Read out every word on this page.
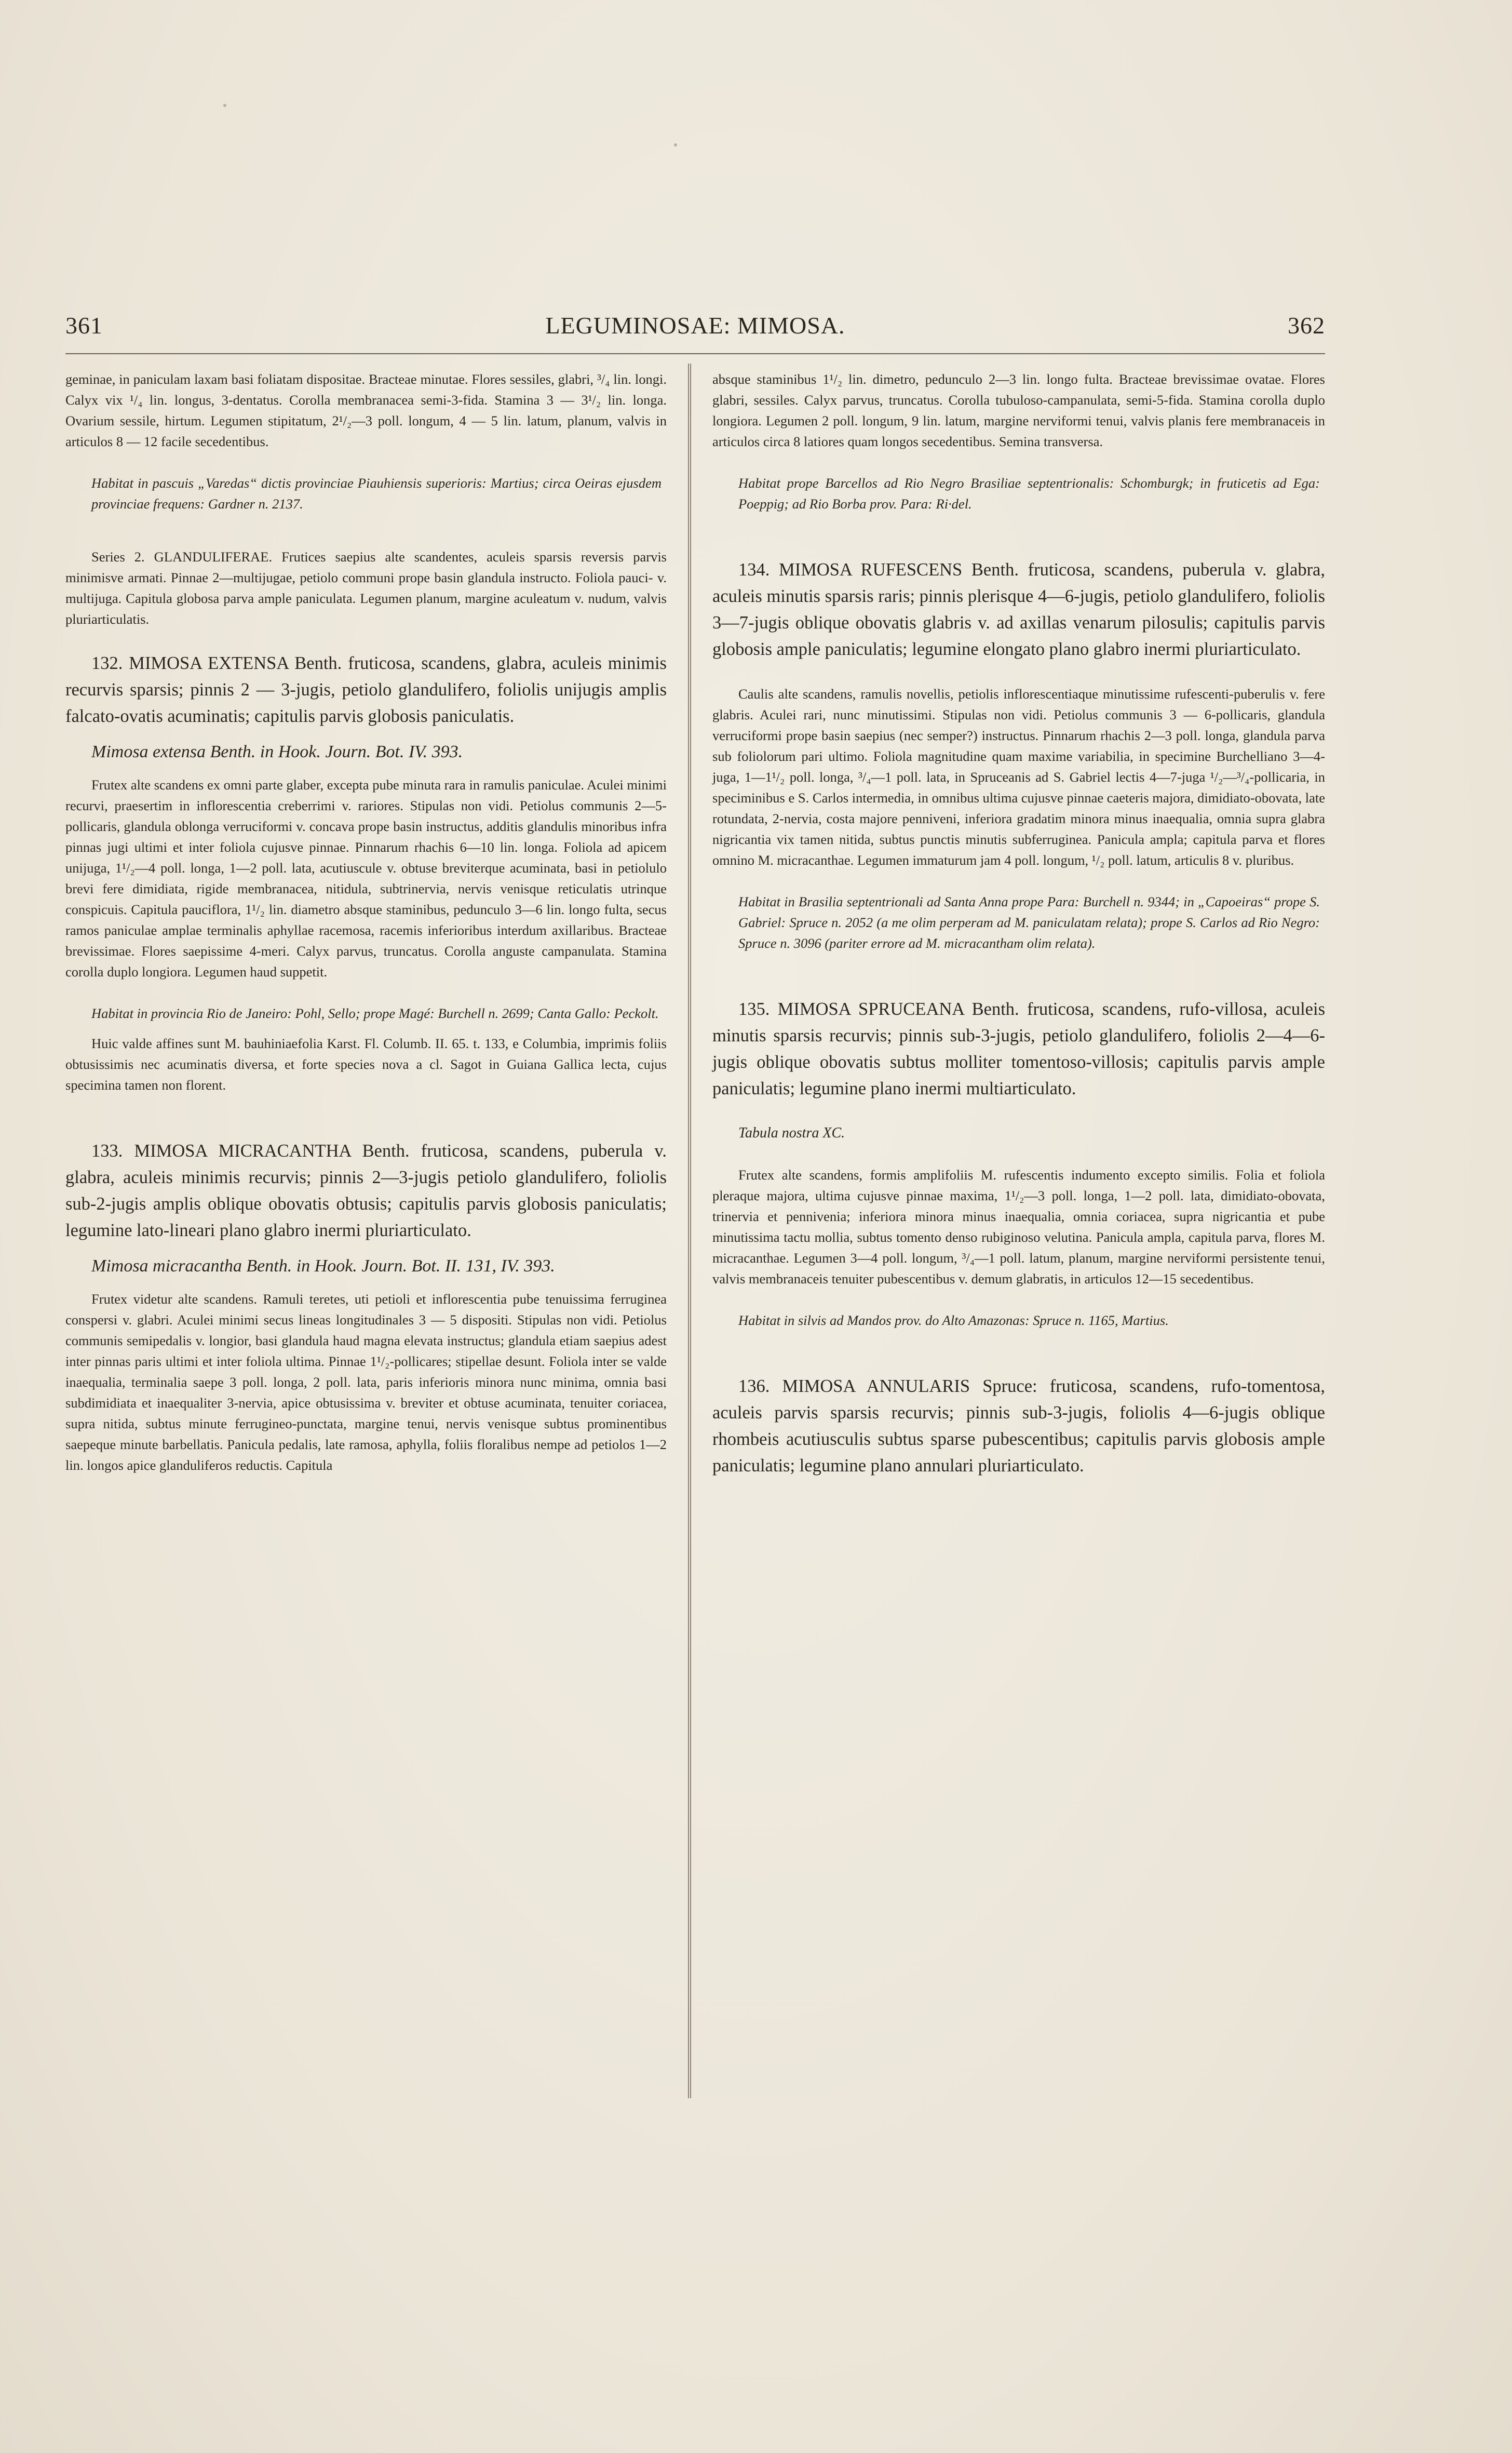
361	LEGUMINOSAE: MIMOSA.	362

geminae, in paniculam laxam basi foliatam dispositae. Bracteae minutae. Flores sessiles, glabri, ³/₄ lin. longi. Calyx vix ¹/₄ lin. longus, 3-dentatus. Corolla membranacea semi-3-fida. Stamina 3 — 3¹/₂ lin. longa. Ovarium sessile, hirtum. Legumen stipitatum, 2¹/₂—3 poll. longum, 4 — 5 lin. latum, planum, valvis in articulos 8 — 12 facile secedentibus.

Habitat in pascuis „Varedas“ dictis provinciae Piauhiensis superioris: Martius; circa Oeiras ejusdem provinciae frequens: Gardner n. 2137.

Series 2. GLANDULIFERAE. Frutices saepius alte scandentes, aculeis sparsis reversis parvis minimisve armati. Pinnae 2—multijugae, petiolo communi prope basin glandula instructo. Foliola pauci- v. multijuga. Capitula globosa parva ample paniculata. Legumen planum, margine aculeatum v. nudum, valvis pluriarticulatis.

132. MIMOSA EXTENSA Benth. fruticosa, scandens, glabra, aculeis minimis recurvis sparsis; pinnis 2 — 3-jugis, petiolo glandulifero, foliolis unijugis amplis falcato-ovatis acuminatis; capitulis parvis globosis paniculatis.

Mimosa extensa Benth. in Hook. Journ. Bot. IV. 393.

Frutex alte scandens ex omni parte glaber, excepta pube minuta rara in ramulis paniculae. Aculei minimi recurvi, praesertim in inflorescentia creberrimi v. rariores. Stipulas non vidi. Petiolus communis 2—5-pollicaris, glandula oblonga verruciformi v. concava prope basin instructus, additis glandulis minoribus infra pinnas jugi ultimi et inter foliola cujusve pinnae. Pinnarum rhachis 6—10 lin. longa. Foliola ad apicem unijuga, 1¹/₂—4 poll. longa, 1—2 poll. lata, acutiuscule v. obtuse breviterque acuminata, basi in petiolulo brevi fere dimidiata, rigide membranacea, nitidula, subtrinervia, nervis venisque reticulatis utrinque conspicuis. Capitula pauciflora, 1¹/₂ lin. diametro absque staminibus, pedunculo 3—6 lin. longo fulta, secus ramos paniculae amplae terminalis aphyllae racemosa, racemis inferioribus interdum axillaribus. Bracteae brevissimae. Flores saepissime 4-meri. Calyx parvus, truncatus. Corolla anguste campanulata. Stamina corolla duplo longiora. Legumen haud suppetit.

Habitat in provincia Rio de Janeiro: Pohl, Sello; prope Magé: Burchell n. 2699; Canta Gallo: Peckolt.

Huic valde affines sunt M. bauhiniaefolia Karst. Fl. Columb. II. 65. t. 133, e Columbia, imprimis foliis obtusissimis nec acuminatis diversa, et forte species nova a cl. Sagot in Guiana Gallica lecta, cujus specimina tamen non florent.

133. MIMOSA MICRACANTHA Benth. fruticosa, scandens, puberula v. glabra, aculeis minimis recurvis; pinnis 2—3-jugis petiolo glandulifero, foliolis sub-2-jugis amplis oblique obovatis obtusis; capitulis parvis globosis paniculatis; legumine lato-lineari plano glabro inermi pluriarticulato.

Mimosa micracantha Benth. in Hook. Journ. Bot. II. 131, IV. 393.

Frutex videtur alte scandens. Ramuli teretes, uti petioli et inflorescentia pube tenuissima ferruginea conspersi v. glabri. Aculei minimi secus lineas longitudinales 3 — 5 dispositi. Stipulas non vidi. Petiolus communis semipedalis v. longior, basi glandula haud magna elevata instructus; glandula etiam saepius adest inter pinnas paris ultimi et inter foliola ultima. Pinnae 1¹/₂-pollicares; stipellae desunt. Foliola inter se valde inaequalia, terminalia saepe 3 poll. longa, 2 poll. lata, paris inferioris minora nunc minima, omnia basi subdimidiata et inaequaliter 3-nervia, apice obtusissima v. breviter et obtuse acuminata, tenuiter coriacea, supra nitida, subtus minute ferrugineo-punctata, margine tenui, nervis venisque subtus prominentibus saepeque minute barbellatis. Panicula pedalis, late ramosa, aphylla, foliis floralibus nempe ad petiolos 1—2 lin. longos apice glanduliferos reductis. Capitula

absque staminibus 1¹/₂ lin. dimetro, pedunculo 2—3 lin. longo fulta. Bracteae brevissimae ovatae. Flores glabri, sessiles. Calyx parvus, truncatus. Corolla tubuloso-campanulata, semi-5-fida. Stamina corolla duplo longiora. Legumen 2 poll. longum, 9 lin. latum, margine nerviformi tenui, valvis planis fere membranaceis in articulos circa 8 latiores quam longos secedentibus. Semina transversa.

Habitat prope Barcellos ad Rio Negro Brasiliae septentrionalis: Schomburgk; in fruticetis ad Ega: Poeppig; ad Rio Borba prov. Para: Ri·del.

134. MIMOSA RUFESCENS Benth. fruticosa, scandens, puberula v. glabra, aculeis minutis sparsis raris; pinnis plerisque 4—6-jugis, petiolo glandulifero, foliolis 3—7-jugis oblique obovatis glabris v. ad axillas venarum pilosulis; capitulis parvis globosis ample paniculatis; legumine elongato plano glabro inermi pluriarticulato.

Caulis alte scandens, ramulis novellis, petiolis inflorescentiaque minutissime rufescenti-puberulis v. fere glabris. Aculei rari, nunc minutissimi. Stipulas non vidi. Petiolus communis 3 — 6-pollicaris, glandula verruciformi prope basin saepius (nec semper?) instructus. Pinnarum rhachis 2—3 poll. longa, glandula parva sub foliolorum pari ultimo. Foliola magnitudine quam maxime variabilia, in specimine Burchelliano 3—4-juga, 1—1¹/₂ poll. longa, ³/₄—1 poll. lata, in Spruceanis ad S. Gabriel lectis 4—7-juga ¹/₂—³/₄-pollicaria, in speciminibus e S. Carlos intermedia, in omnibus ultima cujusve pinnae caeteris majora, dimidiato-obovata, late rotundata, 2-nervia, costa majore penniveni, inferiora gradatim minora minus inaequalia, omnia supra glabra nigricantia vix tamen nitida, subtus punctis minutis subferruginea. Panicula ampla; capitula parva et flores omnino M. micracanthae. Legumen immaturum jam 4 poll. longum, ¹/₂ poll. latum, articulis 8 v. pluribus.

Habitat in Brasilia septentrionali ad Santa Anna prope Para: Burchell n. 9344; in „Capoeiras“ prope S. Gabriel: Spruce n. 2052 (a me olim perperam ad M. paniculatam relata); prope S. Carlos ad Rio Negro: Spruce n. 3096 (pariter errore ad M. micracantham olim relata).

135. MIMOSA SPRUCEANA Benth. fruticosa, scandens, rufo-villosa, aculeis minutis sparsis recurvis; pinnis sub-3-jugis, petiolo glandulifero, foliolis 2—4—6-jugis oblique obovatis subtus molliter tomentoso-villosis; capitulis parvis ample paniculatis; legumine plano inermi multiarticulato.

Tabula nostra XC.

Frutex alte scandens, formis amplifoliis M. rufescentis indumento excepto similis. Folia et foliola pleraque majora, ultima cujusve pinnae maxima, 1¹/₂—3 poll. longa, 1—2 poll. lata, dimidiato-obovata, trinervia et pennivenia; inferiora minora minus inaequalia, omnia coriacea, supra nigricantia et pube minutissima tactu mollia, subtus tomento denso rubiginoso velutina. Panicula ampla, capitula parva, flores M. micracanthae. Legumen 3—4 poll. longum, ³/₄—1 poll. latum, planum, margine nerviformi persistente tenui, valvis membranaceis tenuiter pubescentibus v. demum glabratis, in articulos 12—15 secedentibus.

Habitat in silvis ad Mandos prov. do Alto Amazonas: Spruce n. 1165, Martius.

136. MIMOSA ANNULARIS Spruce: fruticosa, scandens, rufo-tomentosa, aculeis parvis sparsis recurvis; pinnis sub-3-jugis, foliolis 4—6-jugis oblique rhombeis acutiusculis subtus sparse pubescentibus; capitulis parvis globosis ample paniculatis; legumine plano annulari pluriarticulato.
